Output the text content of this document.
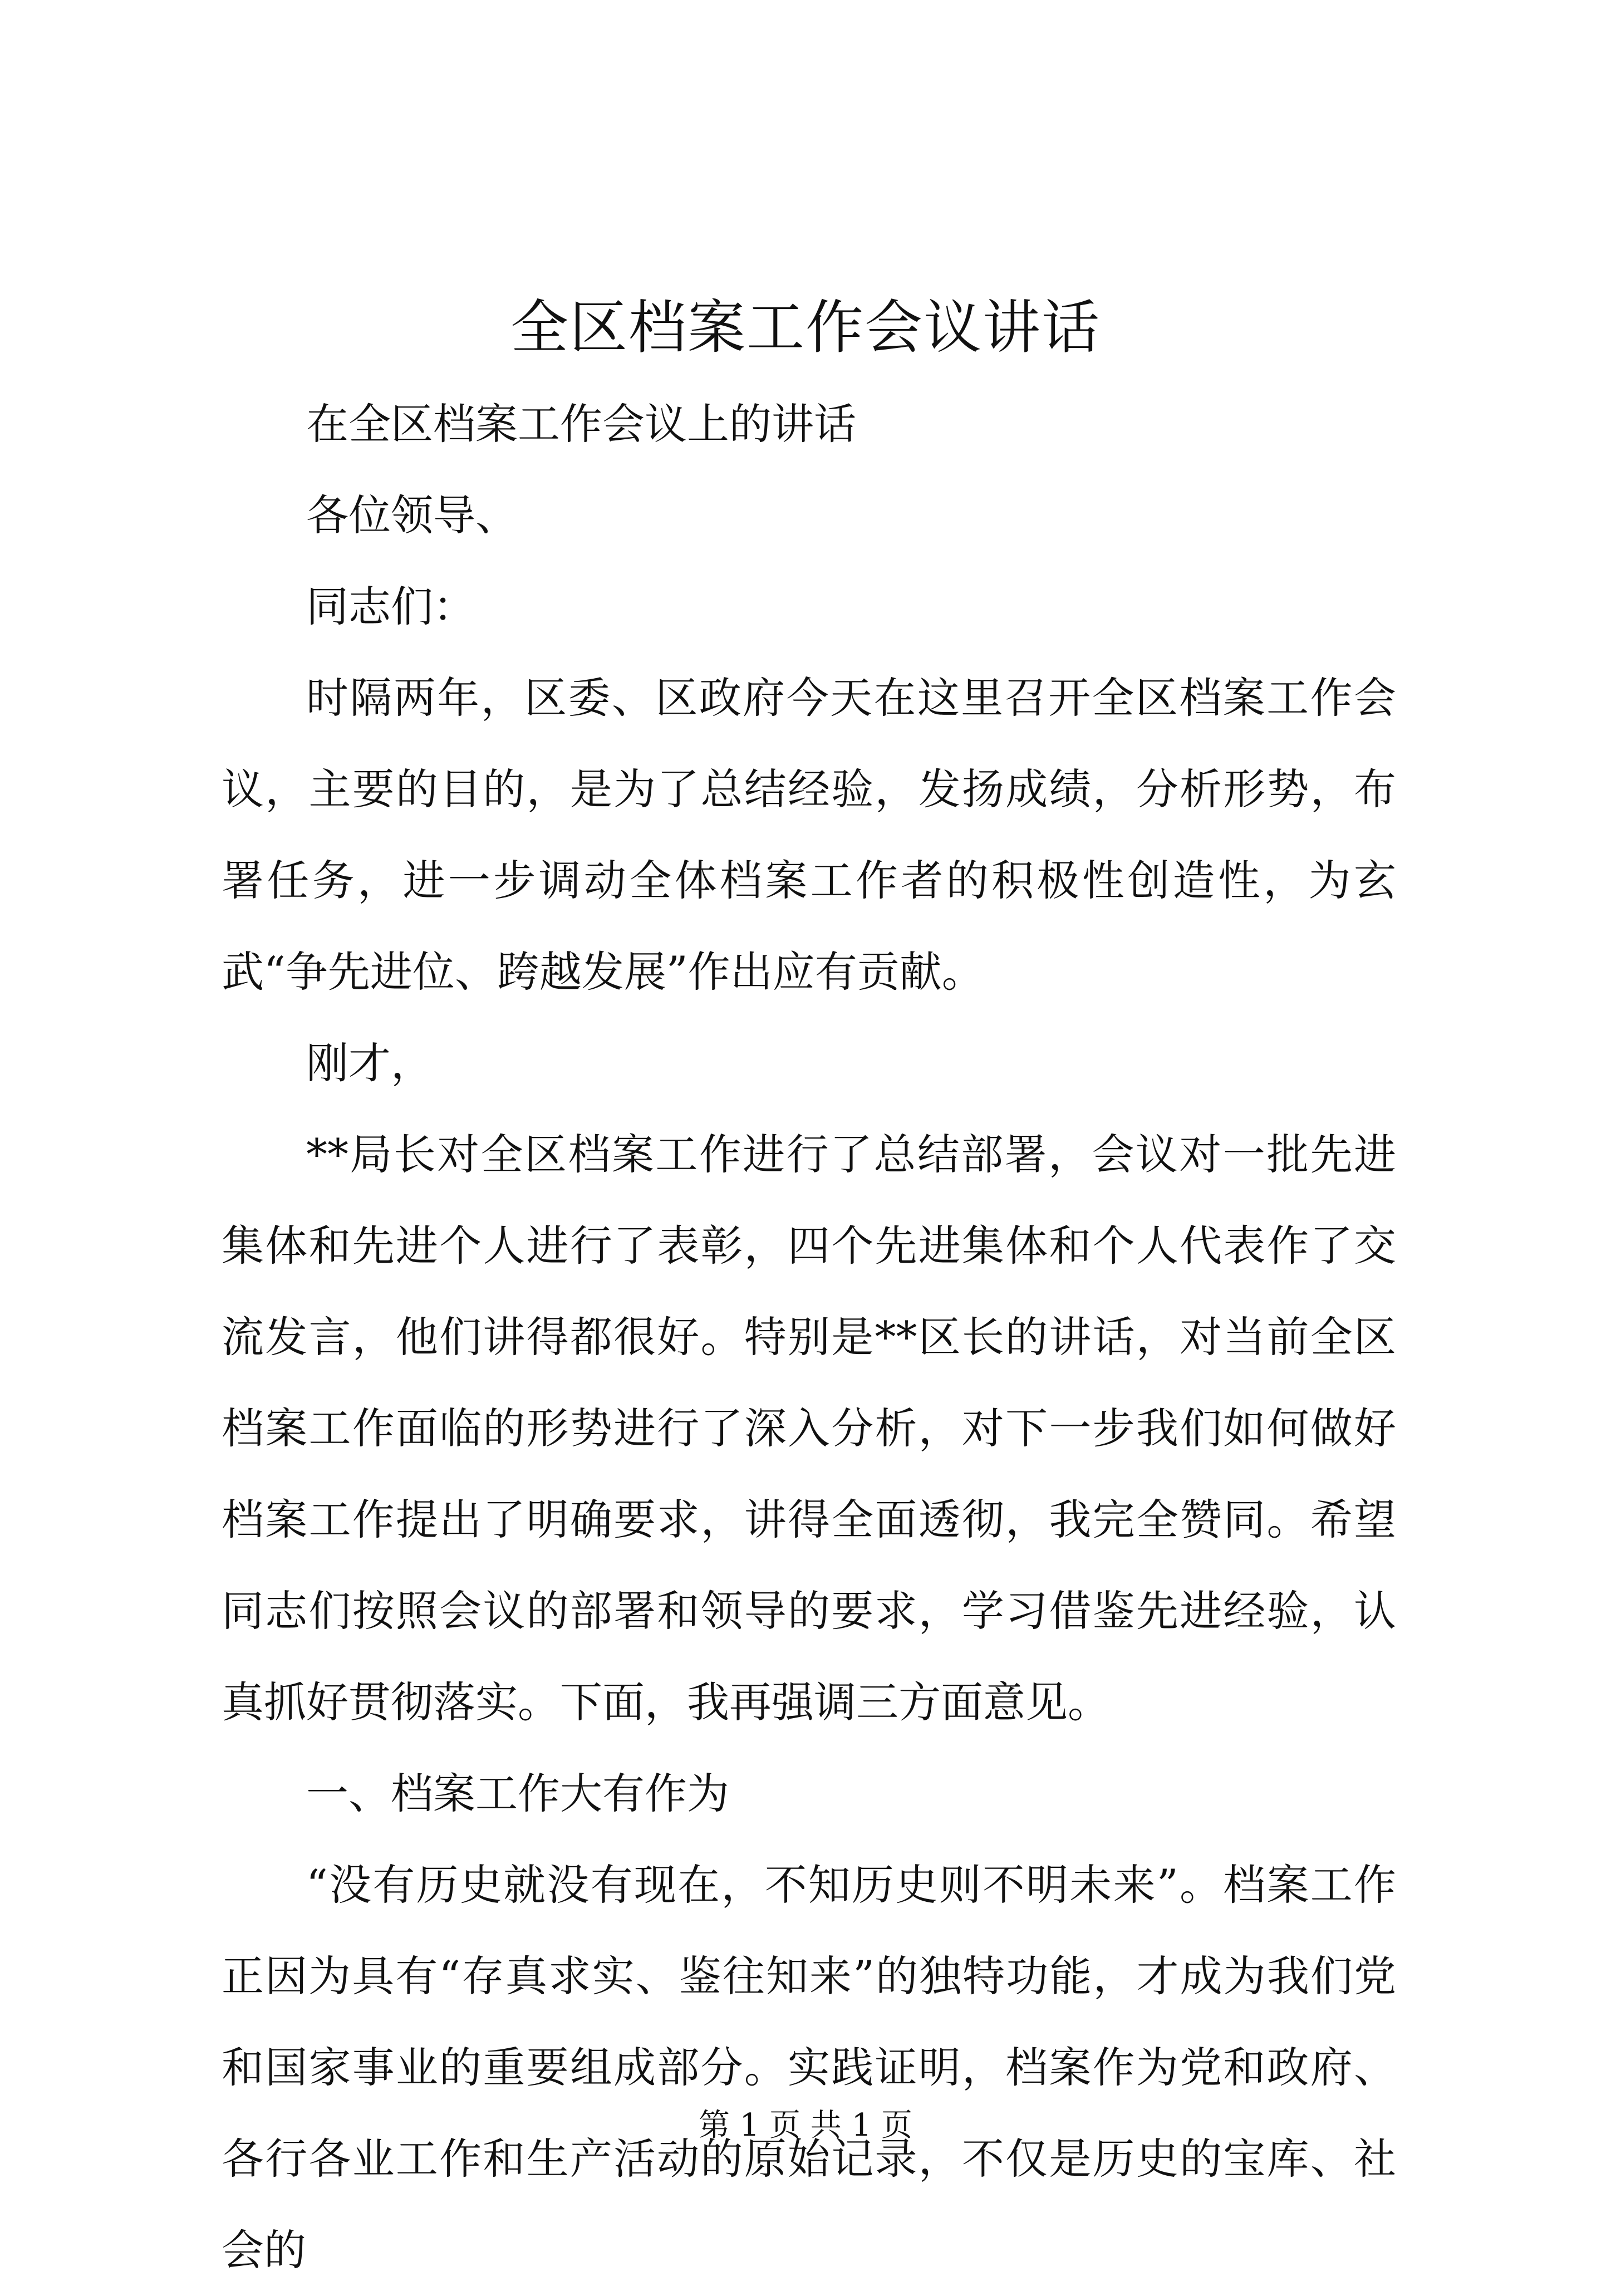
全区档案工作会议讲话

在全区档案工作会议上的讲话

各位领导、

同志们：

时隔两年，区委、区政府今天在这里召开全区档案工作会议，主要的目的，是为了总结经验，发扬成绩，分析形势，布署任务，进一步调动全体档案工作者的积极性创造性，为玄武“争先进位、跨越发展”作出应有贡献。

刚才，

**局长对全区档案工作进行了总结部署，会议对一批先进集体和先进个人进行了表彰，四个先进集体和个人代表作了交流发言，他们讲得都很好。特别是**区长的讲话，对当前全区档案工作面临的形势进行了深入分析，对下一步我们如何做好档案工作提出了明确要求，讲得全面透彻，我完全赞同。希望同志们按照会议的部署和领导的要求，学习借鉴先进经验，认真抓好贯彻落实。下面，我再强调三方面意见。

一、档案工作大有作为

“没有历史就没有现在，不知历史则不明未来”。档案工作正因为具有“存真求实、鉴往知来”的独特功能，才成为我们党和国家事业的重要组成部分。实践证明，档案作为党和政府、各行各业工作和生产活动的原始记录，不仅是历史的宝库、社会的

第 1 页 共 1 页
